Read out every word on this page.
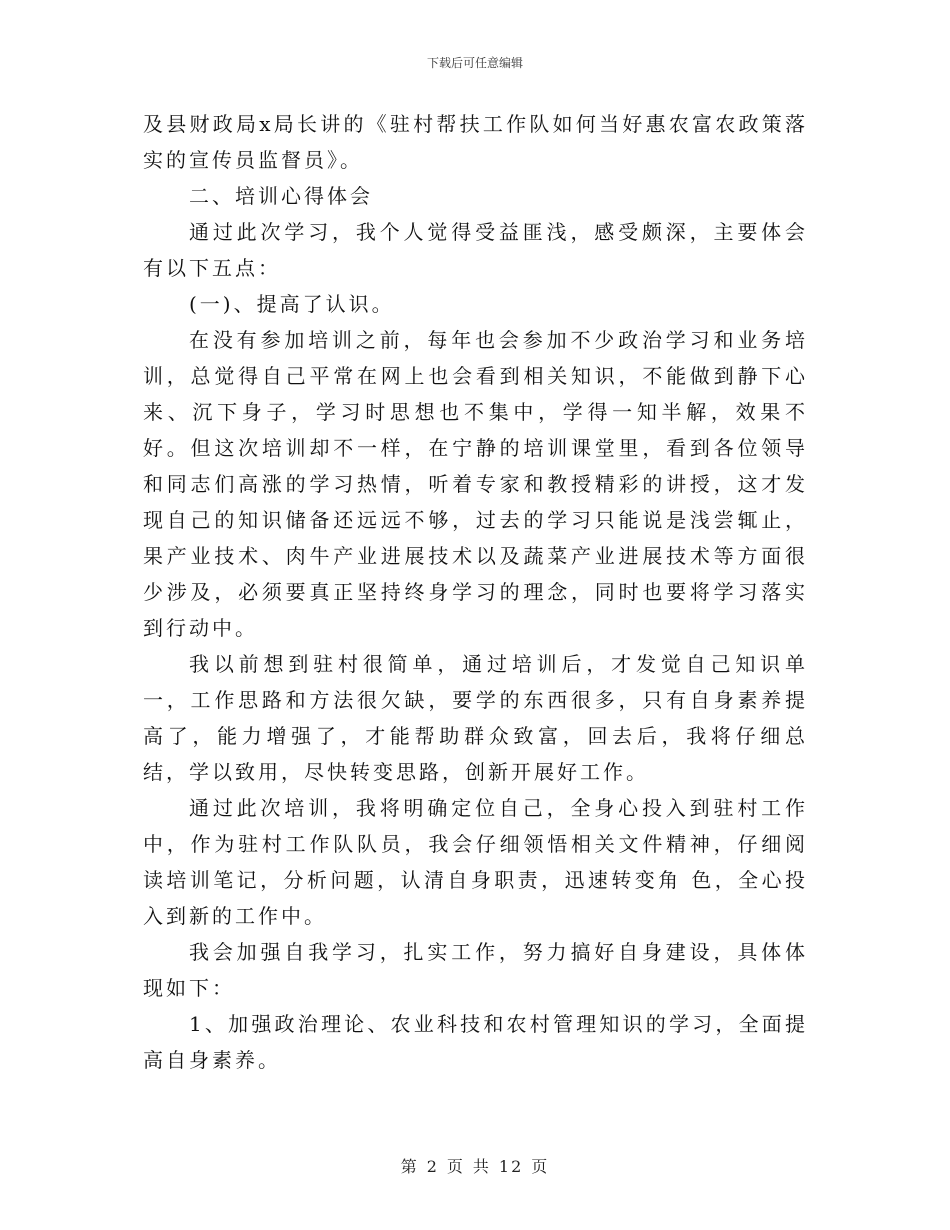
下载后可任意编辑

及县财政局x局长讲的《驻村帮扶工作队如何当好惠农富农政策落实的宣传员监督员》。

二、培训心得体会

通过此次学习，我个人觉得受益匪浅，感受颇深，主要体会有以下五点：

(一)、提高了认识。

在没有参加培训之前，每年也会参加不少政治学习和业务培训，总觉得自己平常在网上也会看到相关知识，不能做到静下心来、沉下身子，学习时思想也不集中，学得一知半解，效果不好。但这次培训却不一样，在宁静的培训课堂里，看到各位领导和同志们高涨的学习热情，听着专家和教授精彩的讲授，这才发现自己的知识储备还远远不够，过去的学习只能说是浅尝辄止，果产业技术、肉牛产业进展技术以及蔬菜产业进展技术等方面很少涉及，必须要真正坚持终身学习的理念，同时也要将学习落实到行动中。

我以前想到驻村很简单，通过培训后，才发觉自己知识单一，工作思路和方法很欠缺，要学的东西很多，只有自身素养提高了，能力增强了，才能帮助群众致富，回去后，我将仔细总结，学以致用，尽快转变思路，创新开展好工作。

通过此次培训，我将明确定位自己，全身心投入到驻村工作中，作为驻村工作队队员，我会仔细领悟相关文件精神，仔细阅读培训笔记，分析问题，认清自身职责，迅速转变角 色，全心投入到新的工作中。

我会加强自我学习，扎实工作，努力搞好自身建设，具体体现如下：

1、加强政治理论、农业科技和农村管理知识的学习，全面提高自身素养。

第 2 页 共 12 页
